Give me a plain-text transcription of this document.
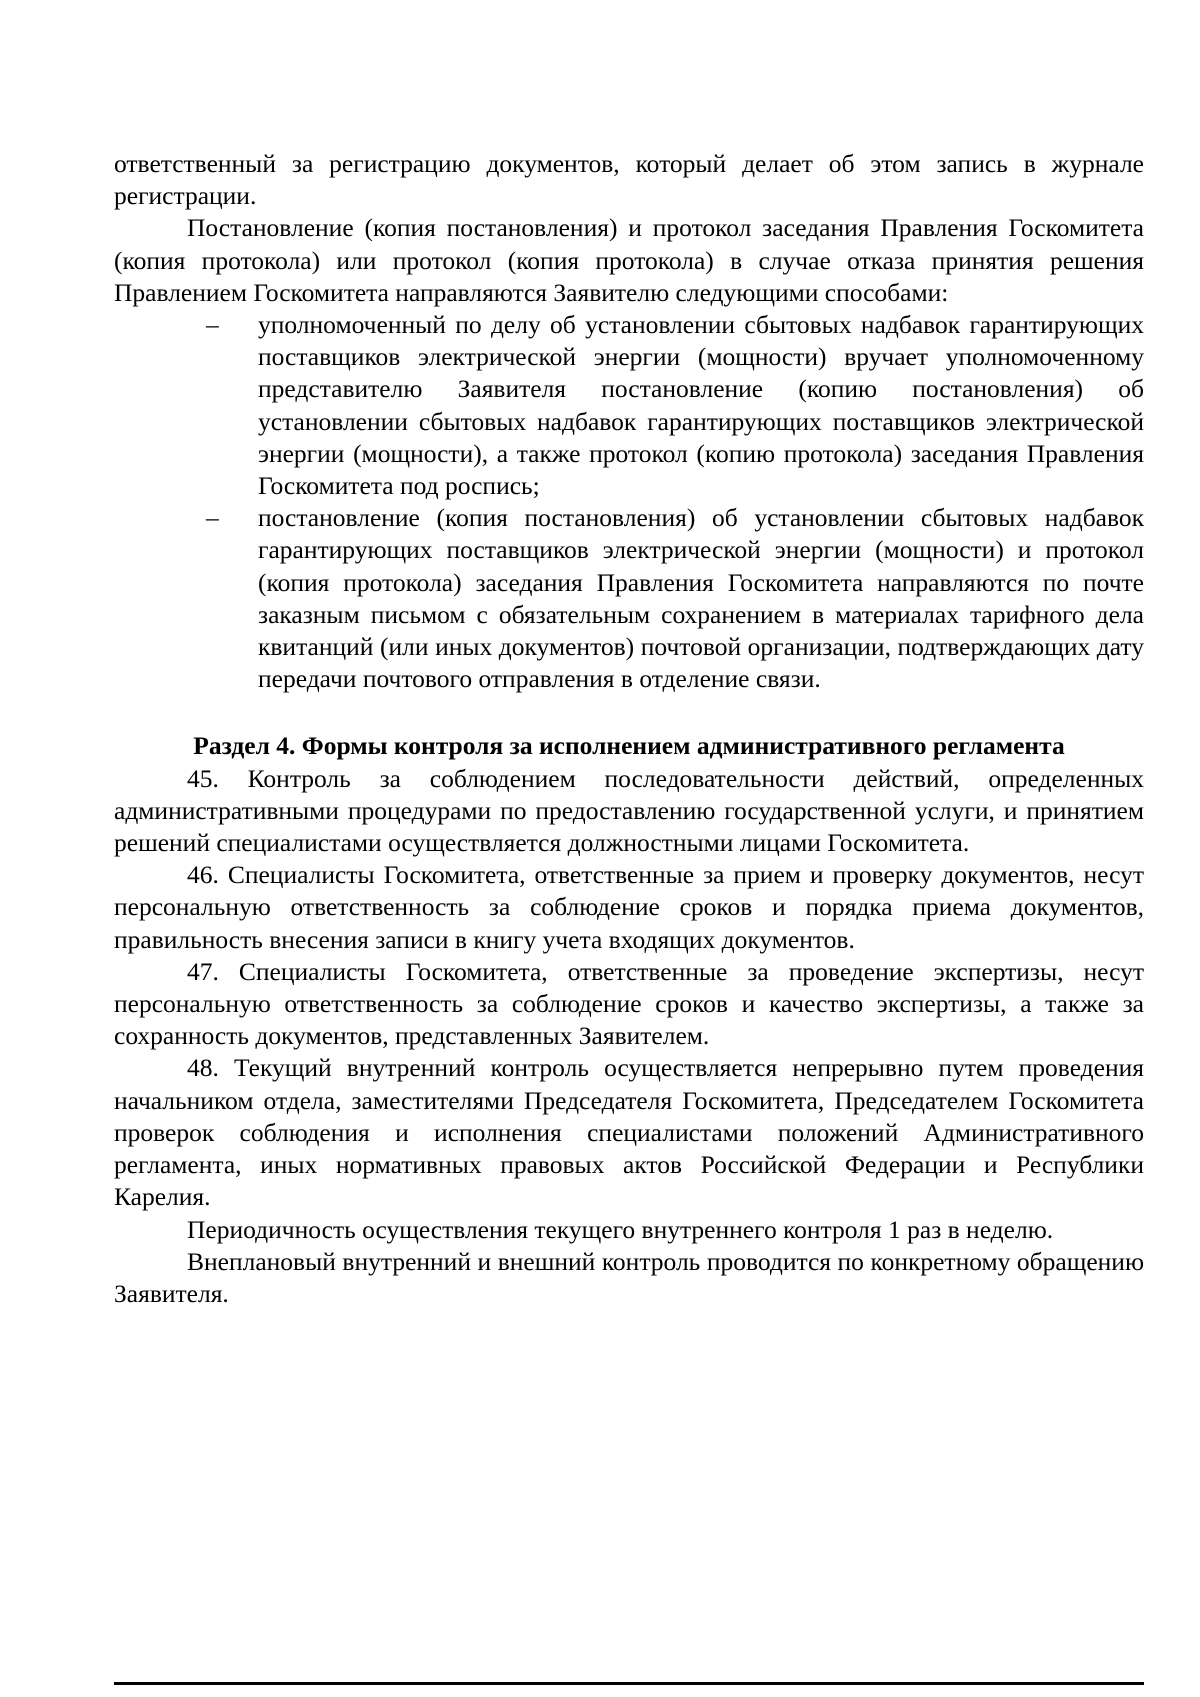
ответственный за регистрацию документов, который делает об этом запись в журнале регистрации.

Постановление (копия постановления) и протокол заседания Правления Госкомитета (копия протокола) или протокол (копия протокола) в случае отказа принятия решения Правлением Госкомитета направляются Заявителю следующими способами:

– уполномоченный по делу об установлении сбытовых надбавок гарантирующих поставщиков электрической энергии (мощности) вручает уполномоченному представителю Заявителя постановление (копию постановления) об установлении сбытовых надбавок гарантирующих поставщиков электрической энергии (мощности), а также протокол (копию протокола) заседания Правления Госкомитета под роспись;
– постановление (копия постановления) об установлении сбытовых надбавок гарантирующих поставщиков электрической энергии (мощности) и протокол (копия протокола) заседания Правления Госкомитета направляются по почте заказным письмом с обязательным сохранением в материалах тарифного дела квитанций (или иных документов) почтовой организации, подтверждающих дату передачи почтового отправления в отделение связи.
Раздел 4. Формы контроля за исполнением административного регламента

45. Контроль за соблюдением последовательности действий, определенных административными процедурами по предоставлению государственной услуги, и принятием решений специалистами осуществляется должностными лицами Госкомитета.

46. Специалисты Госкомитета, ответственные за прием и проверку документов, несут персональную ответственность за соблюдение сроков и порядка приема документов, правильность внесения записи в книгу учета входящих документов.

47. Специалисты Госкомитета, ответственные за проведение экспертизы, несут персональную ответственность за соблюдение сроков и качество экспертизы, а также за сохранность документов, представленных Заявителем.

48. Текущий внутренний контроль осуществляется непрерывно путем проведения начальником отдела, заместителями Председателя Госкомитета, Председателем Госкомитета проверок соблюдения и исполнения специалистами положений Административного регламента, иных нормативных правовых актов Российской Федерации и Республики Карелия.

Периодичность осуществления текущего внутреннего контроля 1 раз в неделю.

Внеплановый внутренний и внешний контроль проводится по конкретному обращению Заявителя.
